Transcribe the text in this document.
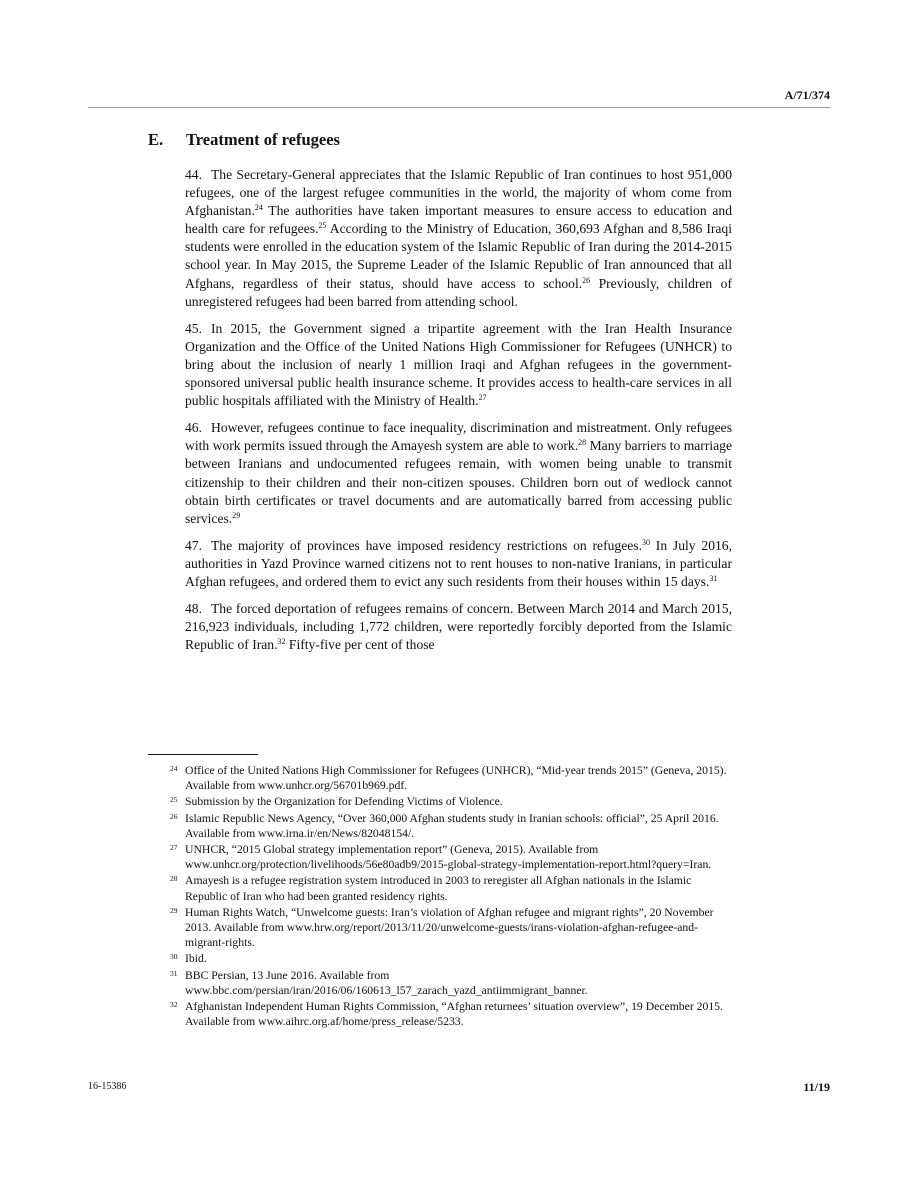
A/71/374
E. Treatment of refugees

44. The Secretary-General appreciates that the Islamic Republic of Iran continues to host 951,000 refugees, one of the largest refugee communities in the world, the majority of whom come from Afghanistan.$^{24}$ The authorities have taken important measures to ensure access to education and health care for refugees.$^{25}$ According to the Ministry of Education, 360,693 Afghan and 8,586 Iraqi students were enrolled in the education system of the Islamic Republic of Iran during the 2014-2015 school year. In May 2015, the Supreme Leader of the Islamic Republic of Iran announced that all Afghans, regardless of their status, should have access to school.$^{26}$ Previously, children of unregistered refugees had been barred from attending school.

45. In 2015, the Government signed a tripartite agreement with the Iran Health Insurance Organization and the Office of the United Nations High Commissioner for Refugees (UNHCR) to bring about the inclusion of nearly 1 million Iraqi and Afghan refugees in the government-sponsored universal public health insurance scheme. It provides access to health-care services in all public hospitals affiliated with the Ministry of Health.$^{27}$

46. However, refugees continue to face inequality, discrimination and mistreatment. Only refugees with work permits issued through the Amayesh system are able to work.$^{28}$ Many barriers to marriage between Iranians and undocumented refugees remain, with women being unable to transmit citizenship to their children and their non-citizen spouses. Children born out of wedlock cannot obtain birth certificates or travel documents and are automatically barred from accessing public services.$^{29}$

47. The majority of provinces have imposed residency restrictions on refugees.$^{30}$ In July 2016, authorities in Yazd Province warned citizens not to rent houses to non-native Iranians, in particular Afghan refugees, and ordered them to evict any such residents from their houses within 15 days.$^{31}$

48. The forced deportation of refugees remains of concern. Between March 2014 and March 2015, 216,923 individuals, including 1,772 children, were reportedly forcibly deported from the Islamic Republic of Iran.$^{32}$ Fifty-five per cent of those

24 Office of the United Nations High Commissioner for Refugees (UNHCR), “Mid-year trends 2015” (Geneva, 2015). Available from www.unhcr.org/56701b969.pdf.
25 Submission by the Organization for Defending Victims of Violence.
26 Islamic Republic News Agency, “Over 360,000 Afghan students study in Iranian schools: official”, 25 April 2016. Available from www.irna.ir/en/News/82048154/.
27 UNHCR, “2015 Global strategy implementation report” (Geneva, 2015). Available from www.unhcr.org/protection/livelihoods/56e80adb9/2015-global-strategy-implementation-report.html?query=Iran.
28 Amayesh is a refugee registration system introduced in 2003 to reregister all Afghan nationals in the Islamic Republic of Iran who had been granted residency rights.
29 Human Rights Watch, “Unwelcome guests: Iran’s violation of Afghan refugee and migrant rights”, 20 November 2013. Available from www.hrw.org/report/2013/11/20/unwelcome-guests/irans-violation-afghan-refugee-and-migrant-rights.
30 Ibid.
31 BBC Persian, 13 June 2016. Available from www.bbc.com/persian/iran/2016/06/160613_l57_zarach_yazd_antiimmigrant_banner.
32 Afghanistan Independent Human Rights Commission, “Afghan returnees’ situation overview”, 19 December 2015. Available from www.aihrc.org.af/home/press_release/5233.
16-15386	11/19
